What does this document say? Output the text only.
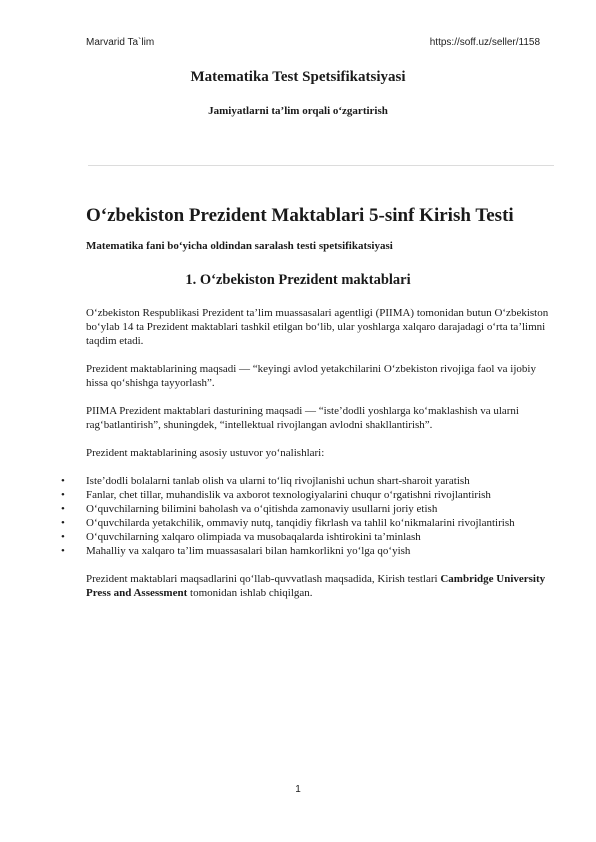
Marvarid Ta`lim	https://soff.uz/seller/1158
Matematika Test Spetsifikatsiyasi
Jamiyatlarni ta’lim orqali o‘zgartirish
O‘zbekiston Prezident Maktablari 5-sinf Kirish Testi
Matematika fani bo‘yicha oldindan saralash testi spetsifikatsiyasi
1. O‘zbekiston Prezident maktablari

O‘zbekiston Respublikasi Prezident ta’lim muassasalari agentligi (PIIMA) tomonidan butun O‘zbekiston bo‘ylab 14 ta Prezident maktablari tashkil etilgan bo‘lib, ular yoshlarga xalqaro darajadagi o‘rta ta’limni taqdim etadi.

Prezident maktablarining maqsadi — “keyingi avlod yetakchilarini O‘zbekiston rivojiga faol va ijobiy hissa qo‘shishga tayyorlash”.

PIIMA Prezident maktablari dasturining maqsadi — “iste’dodli yoshlarga ko‘maklashish va ularni rag‘batlantirish”, shuningdek, “intellektual rivojlangan avlodni shakllantirish”.

Prezident maktablarining asosiy ustuvor yo‘nalishlari:

• Iste’dodli bolalarni tanlab olish va ularni to‘liq rivojlanishi uchun shart-sharoit yaratish
• Fanlar, chet tillar, muhandislik va axborot texnologiyalarini chuqur o‘rgatishni rivojlantirish
• O‘quvchilarning bilimini baholash va o‘qitishda zamonaviy usullarni joriy etish
• O‘quvchilarda yetakchilik, ommaviy nutq, tanqidiy fikrlash va tahlil ko‘nikmalarini rivojlantirish
• O‘quvchilarning xalqaro olimpiada va musobaqalarda ishtirokini ta’minlash
• Mahalliy va xalqaro ta’lim muassasalari bilan hamkorlikni yo‘lga qo‘yish

Prezident maktablari maqsadlarini qo‘llab-quvvatlash maqsadida, Kirish testlari Cambridge University Press and Assessment tomonidan ishlab chiqilgan.

1
